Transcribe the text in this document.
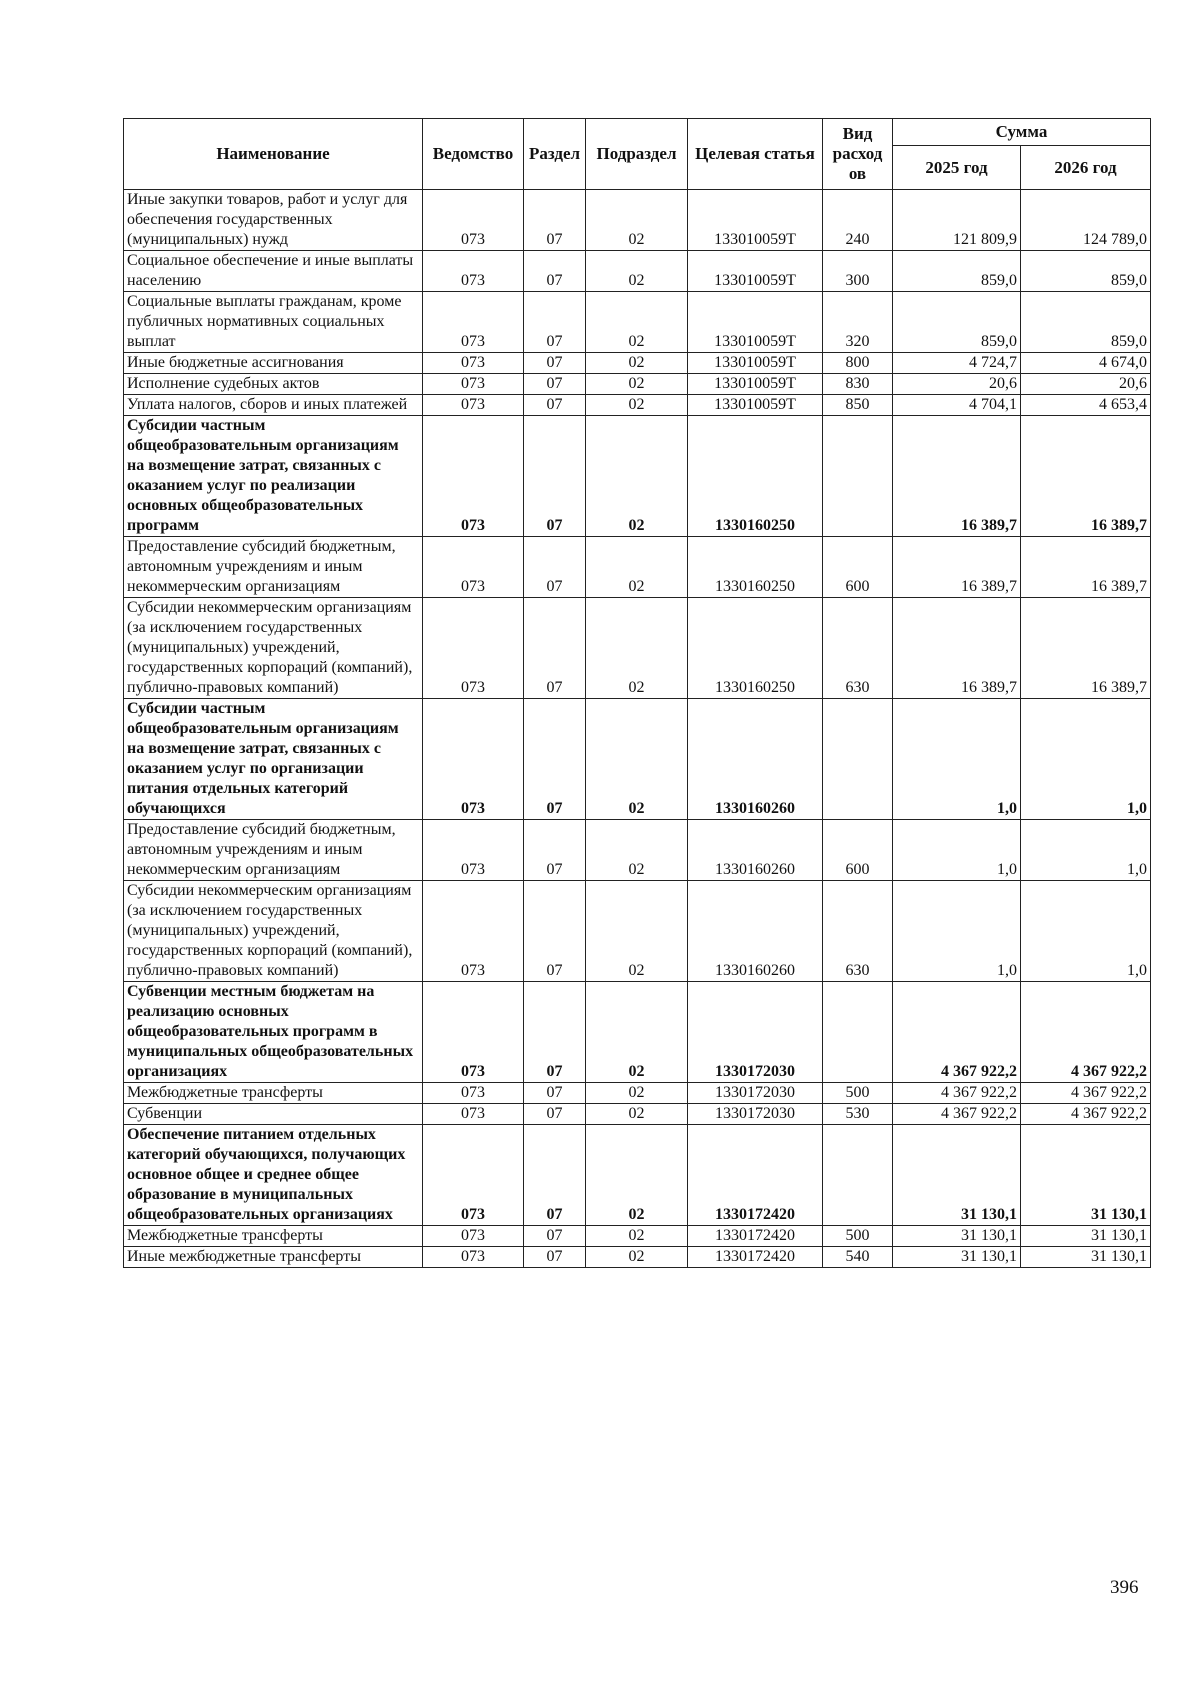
Наименование	Ведомство	Раздел	Подраздел	Целевая статья	Вид расход ов	Сумма	
						2025 год	2026 год
Иные закупки товаров, работ и услуг для обеспечения государственных (муниципальных) нужд	073	07	02	133010059Т	240	121 809,9	124 789,0
Социальное обеспечение и иные выплаты населению	073	07	02	133010059Т	300	859,0	859,0
Социальные выплаты гражданам, кроме публичных нормативных социальных выплат	073	07	02	133010059Т	320	859,0	859,0
Иные бюджетные ассигнования	073	07	02	133010059Т	800	4 724,7	4 674,0
Исполнение судебных актов	073	07	02	133010059Т	830	20,6	20,6
Уплата налогов, сборов и иных платежей	073	07	02	133010059Т	850	4 704,1	4 653,4
Субсидии частным общеобразовательным организациям на возмещение затрат, связанных с оказанием услуг по реализации основных общеобразовательных программ	073	07	02	1330160250		16 389,7	16 389,7
Предоставление субсидий бюджетным, автономным учреждениям и иным некоммерческим организациям	073	07	02	1330160250	600	16 389,7	16 389,7
Субсидии некоммерческим организациям (за исключением государственных (муниципальных) учреждений, государственных корпораций (компаний), публично-правовых компаний)	073	07	02	1330160250	630	16 389,7	16 389,7
Субсидии частным общеобразовательным организациям на возмещение затрат, связанных с оказанием услуг по организации питания отдельных категорий обучающихся	073	07	02	1330160260		1,0	1,0
Предоставление субсидий бюджетным, автономным учреждениям и иным некоммерческим организациям	073	07	02	1330160260	600	1,0	1,0
Субсидии некоммерческим организациям (за исключением государственных (муниципальных) учреждений, государственных корпораций (компаний), публично-правовых компаний)	073	07	02	1330160260	630	1,0	1,0
Субвенции местным бюджетам на реализацию основных общеобразовательных программ в муниципальных общеобразовательных организациях	073	07	02	1330172030		4 367 922,2	4 367 922,2
Межбюджетные трансферты	073	07	02	1330172030	500	4 367 922,2	4 367 922,2
Субвенции	073	07	02	1330172030	530	4 367 922,2	4 367 922,2
Обеспечение питанием отдельных категорий обучающихся, получающих основное общее и среднее общее образование в муниципальных общеобразовательных организациях	073	07	02	1330172420		31 130,1	31 130,1
Межбюджетные трансферты	073	07	02	1330172420	500	31 130,1	31 130,1
Иные межбюджетные трансферты	073	07	02	1330172420	540	31 130,1	31 130,1
396
